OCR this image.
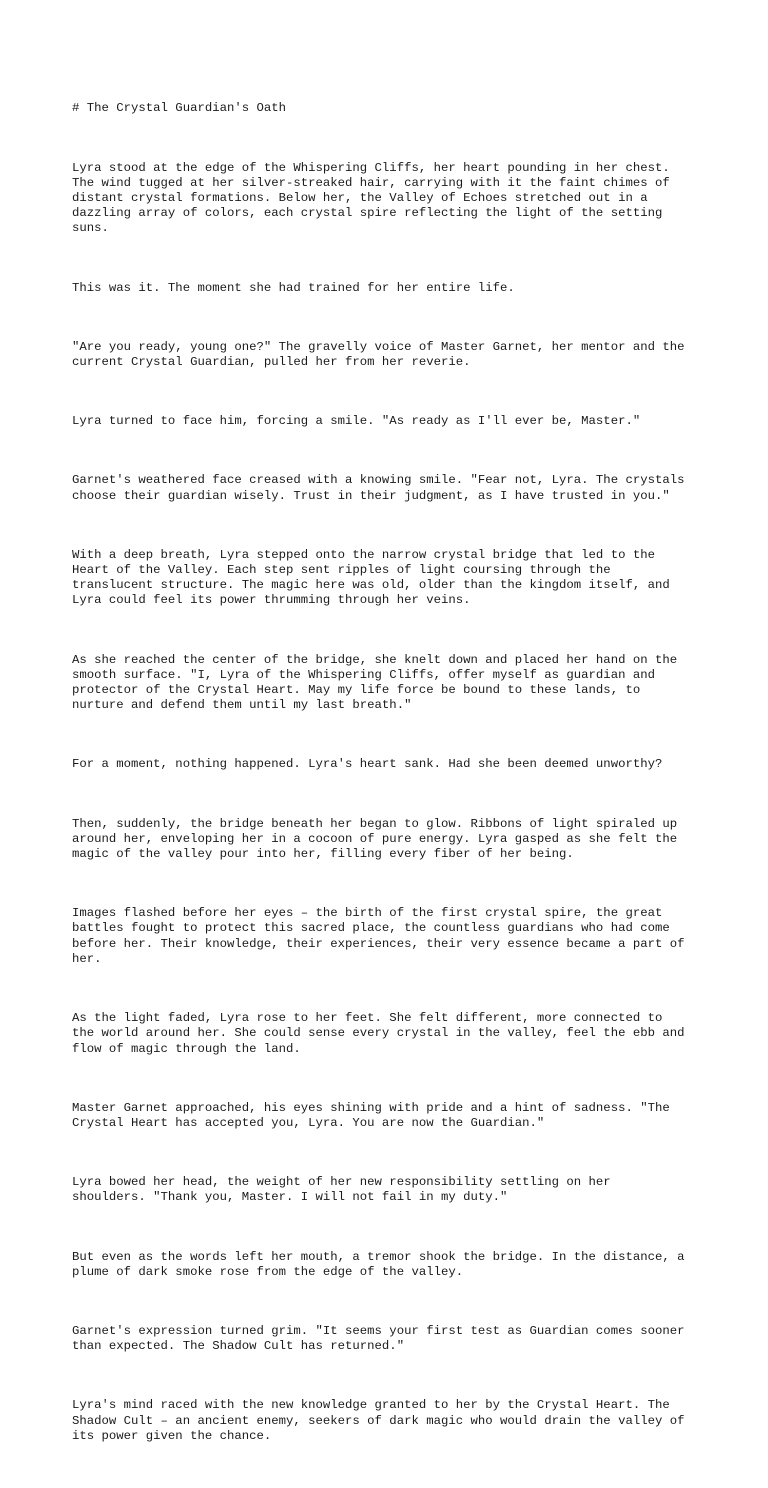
# The Crystal Guardian's Oath

Lyra stood at the edge of the Whispering Cliffs, her heart pounding in her chest.
The wind tugged at her silver-streaked hair, carrying with it the faint chimes of
distant crystal formations. Below her, the Valley of Echoes stretched out in a
dazzling array of colors, each crystal spire reflecting the light of the setting
suns.

This was it. The moment she had trained for her entire life.

"Are you ready, young one?" The gravelly voice of Master Garnet, her mentor and the
current Crystal Guardian, pulled her from her reverie.

Lyra turned to face him, forcing a smile. "As ready as I'll ever be, Master."

Garnet's weathered face creased with a knowing smile. "Fear not, Lyra. The crystals
choose their guardian wisely. Trust in their judgment, as I have trusted in you."

With a deep breath, Lyra stepped onto the narrow crystal bridge that led to the
Heart of the Valley. Each step sent ripples of light coursing through the
translucent structure. The magic here was old, older than the kingdom itself, and
Lyra could feel its power thrumming through her veins.

As she reached the center of the bridge, she knelt down and placed her hand on the
smooth surface. "I, Lyra of the Whispering Cliffs, offer myself as guardian and
protector of the Crystal Heart. May my life force be bound to these lands, to
nurture and defend them until my last breath."

For a moment, nothing happened. Lyra's heart sank. Had she been deemed unworthy?

Then, suddenly, the bridge beneath her began to glow. Ribbons of light spiraled up
around her, enveloping her in a cocoon of pure energy. Lyra gasped as she felt the
magic of the valley pour into her, filling every fiber of her being.

Images flashed before her eyes – the birth of the first crystal spire, the great
battles fought to protect this sacred place, the countless guardians who had come
before her. Their knowledge, their experiences, their very essence became a part of
her.

As the light faded, Lyra rose to her feet. She felt different, more connected to
the world around her. She could sense every crystal in the valley, feel the ebb and
flow of magic through the land.

Master Garnet approached, his eyes shining with pride and a hint of sadness. "The
Crystal Heart has accepted you, Lyra. You are now the Guardian."

Lyra bowed her head, the weight of her new responsibility settling on her
shoulders. "Thank you, Master. I will not fail in my duty."

But even as the words left her mouth, a tremor shook the bridge. In the distance, a
plume of dark smoke rose from the edge of the valley.

Garnet's expression turned grim. "It seems your first test as Guardian comes sooner
than expected. The Shadow Cult has returned."

Lyra's mind raced with the new knowledge granted to her by the Crystal Heart. The
Shadow Cult – an ancient enemy, seekers of dark magic who would drain the valley of
its power given the chance.
